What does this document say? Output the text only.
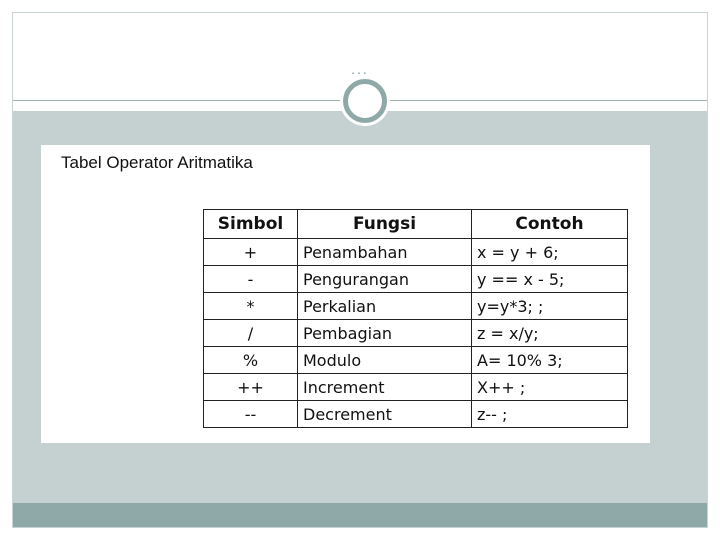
...
Tabel Operator Aritmatika
Simbol	Fungsi	Contoh
+	Penambahan	x = y + 6;
-	Pengurangan	y == x - 5;
*	Perkalian	y=y*3; ;
/	Pembagian	z = x/y;
%	Modulo	A= 10% 3;
++	Increment	X++ ;
--	Decrement	z-- ;
